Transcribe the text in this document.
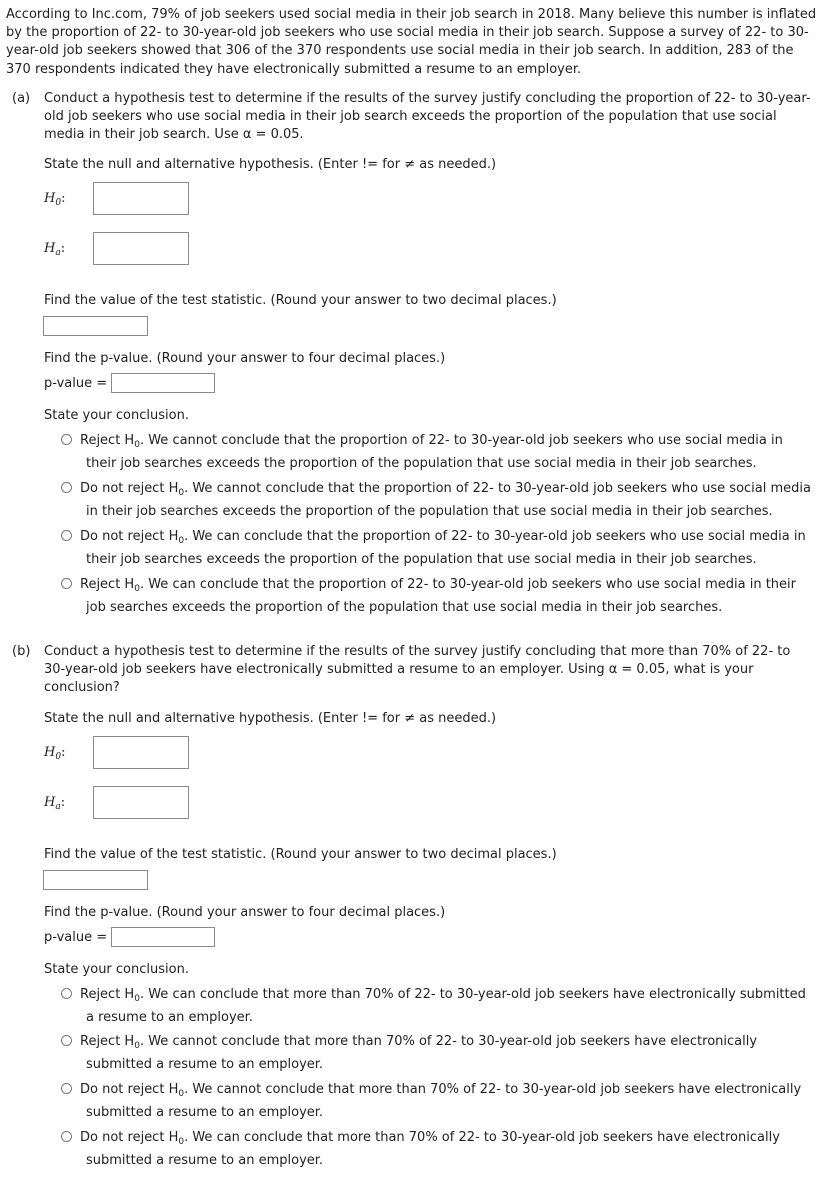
According to Inc.com, 79% of job seekers used social media in their job search in 2018. Many believe this number is inflated by the proportion of 22- to 30-year-old job seekers who use social media in their job search. Suppose a survey of 22- to 30-year-old job seekers showed that 306 of the 370 respondents use social media in their job search. In addition, 283 of the 370 respondents indicated they have electronically submitted a resume to an employer.
(a) Conduct a hypothesis test to determine if the results of the survey justify concluding the proportion of 22- to 30-year-
old job seekers who use social media in their job search exceeds the proportion of the population that use social
media in their job search. Use α = 0.05.
State the null and alternative hypothesis. (Enter != for ≠ as needed.)
$H_0$:
$H_a$:
Find the value of the test statistic. (Round your answer to two decimal places.)
Find the p-value. (Round your answer to four decimal places.)
p-value =
State your conclusion.
Reject $H_0$. We cannot conclude that the proportion of 22- to 30-year-old job seekers who use social media in
their job searches exceeds the proportion of the population that use social media in their job searches.
Do not reject $H_0$. We cannot conclude that the proportion of 22- to 30-year-old job seekers who use social media
in their job searches exceeds the proportion of the population that use social media in their job searches.
Do not reject $H_0$. We can conclude that the proportion of 22- to 30-year-old job seekers who use social media in
their job searches exceeds the proportion of the population that use social media in their job searches.
Reject $H_0$. We can conclude that the proportion of 22- to 30-year-old job seekers who use social media in their
job searches exceeds the proportion of the population that use social media in their job searches.
(b) Conduct a hypothesis test to determine if the results of the survey justify concluding that more than 70% of 22- to
30-year-old job seekers have electronically submitted a resume to an employer. Using α = 0.05, what is your
conclusion?
State the null and alternative hypothesis. (Enter != for ≠ as needed.)
$H_0$:
$H_a$:
Find the value of the test statistic. (Round your answer to two decimal places.)
Find the p-value. (Round your answer to four decimal places.)
p-value =
State your conclusion.
Reject $H_0$. We can conclude that more than 70% of 22- to 30-year-old job seekers have electronically submitted
a resume to an employer.
Reject $H_0$. We cannot conclude that more than 70% of 22- to 30-year-old job seekers have electronically
submitted a resume to an employer.
Do not reject $H_0$. We cannot conclude that more than 70% of 22- to 30-year-old job seekers have electronically
submitted a resume to an employer.
Do not reject $H_0$. We can conclude that more than 70% of 22- to 30-year-old job seekers have electronically
submitted a resume to an employer.
